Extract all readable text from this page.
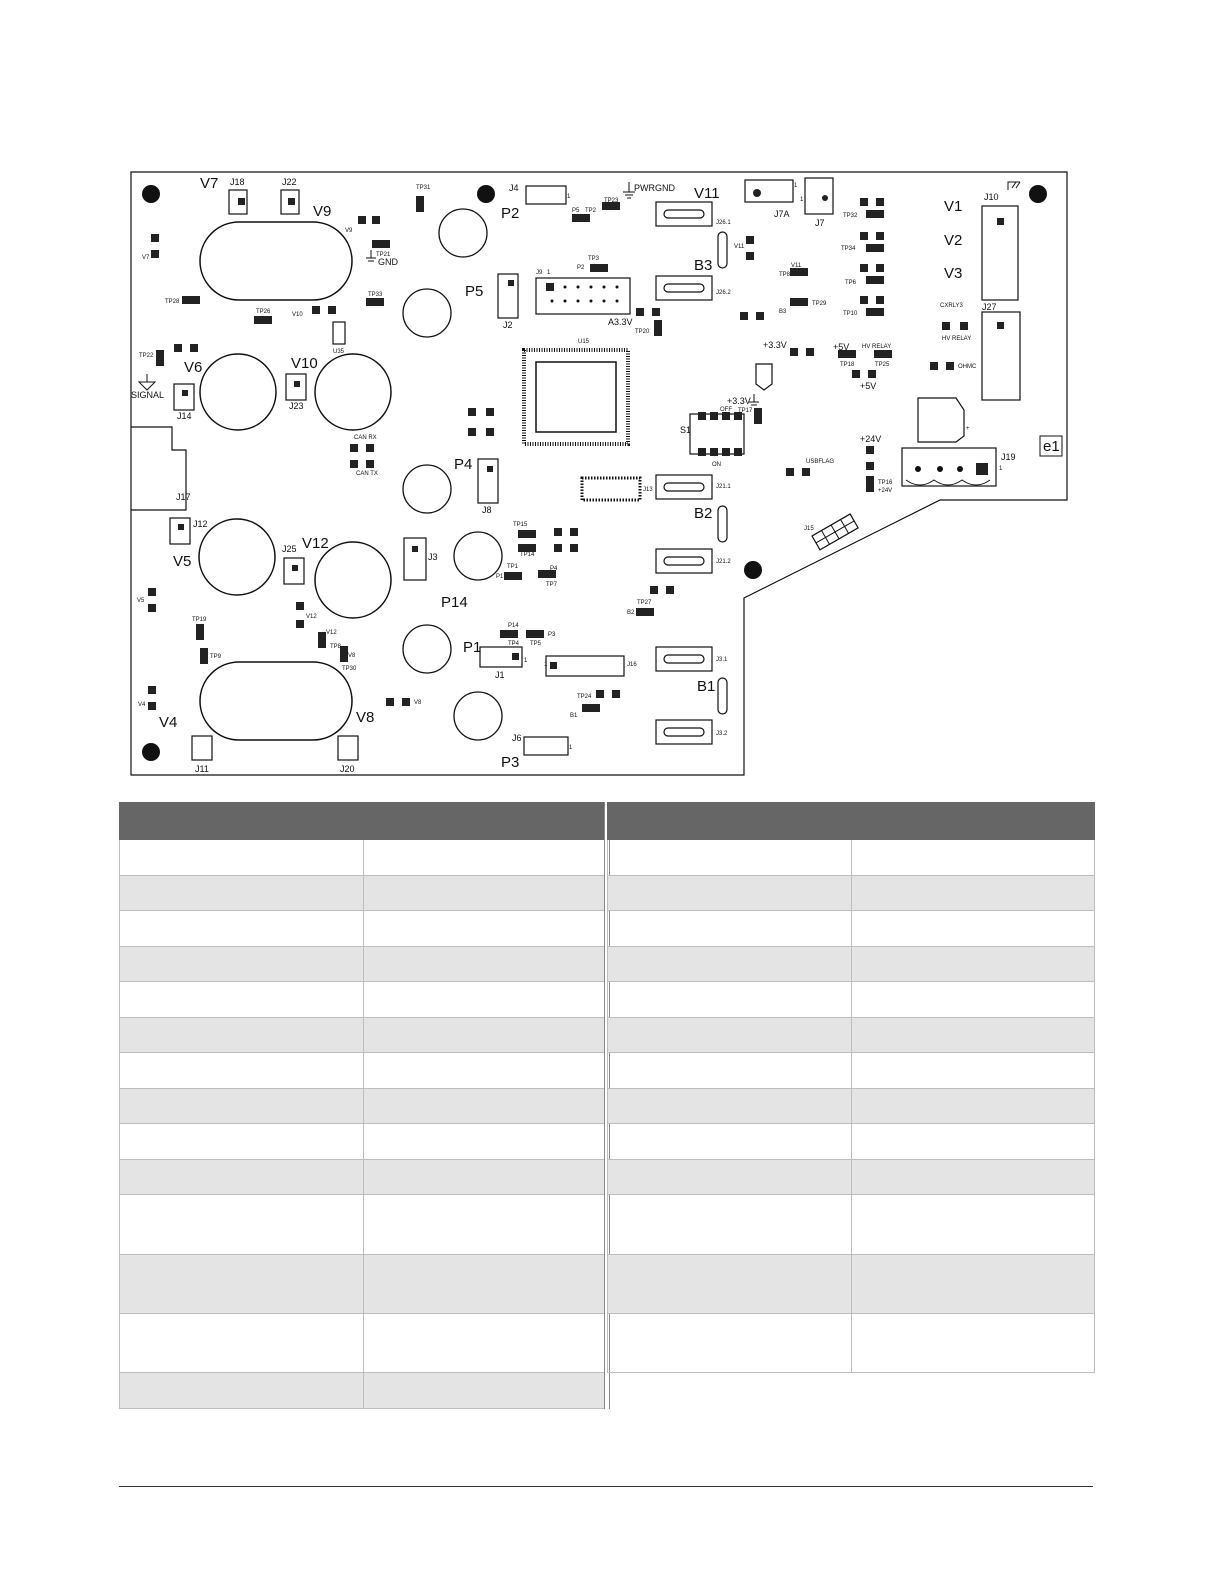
V7
V9	V1
V2
V3
V11
P2
P5
B3
V6	V10
P4
B2
e1
V5
V12
P14
P1
B1
V4	V8
P3
J18	J22
J4
J7A
J7
J10
J27
J9
J2
J26.1
J26.2
J14
J23
J17
J8
J13	J21.1
J21.2
J19
J12
J25
J3
J15
J1
J16
J3.1
J3.2
J6
J11	J20
TP31
TP23
TP2
TP3
TP21
TP28
TP26
TP33
TP22
TP20
TP32
TP34
TP6
TP10
TP8
TP29
TP18	TP25
TP17
TP16
TP15
TP14
TP1
TP7
TP27
TP4 TP5
TP19
TP9
TP8
TP30
TP24
PWRGND
GND
U15
U35
SIGNAL
A3.3V
+3.3V
+3.3V
+5V
+5V
+24V
+24V
HV RELAY
HV RELAY
CXRLY3
OHMC
CAN RX
CAN TX
S1
OFF
ON	USBFLAG
+
1
1
1
1
1
1
1
1
V9
V7
P5
P2
V10
V11
V11
B3
V5
V12
V12
V8
V8
V4
P14
P3
P4
P1
B2
B1
